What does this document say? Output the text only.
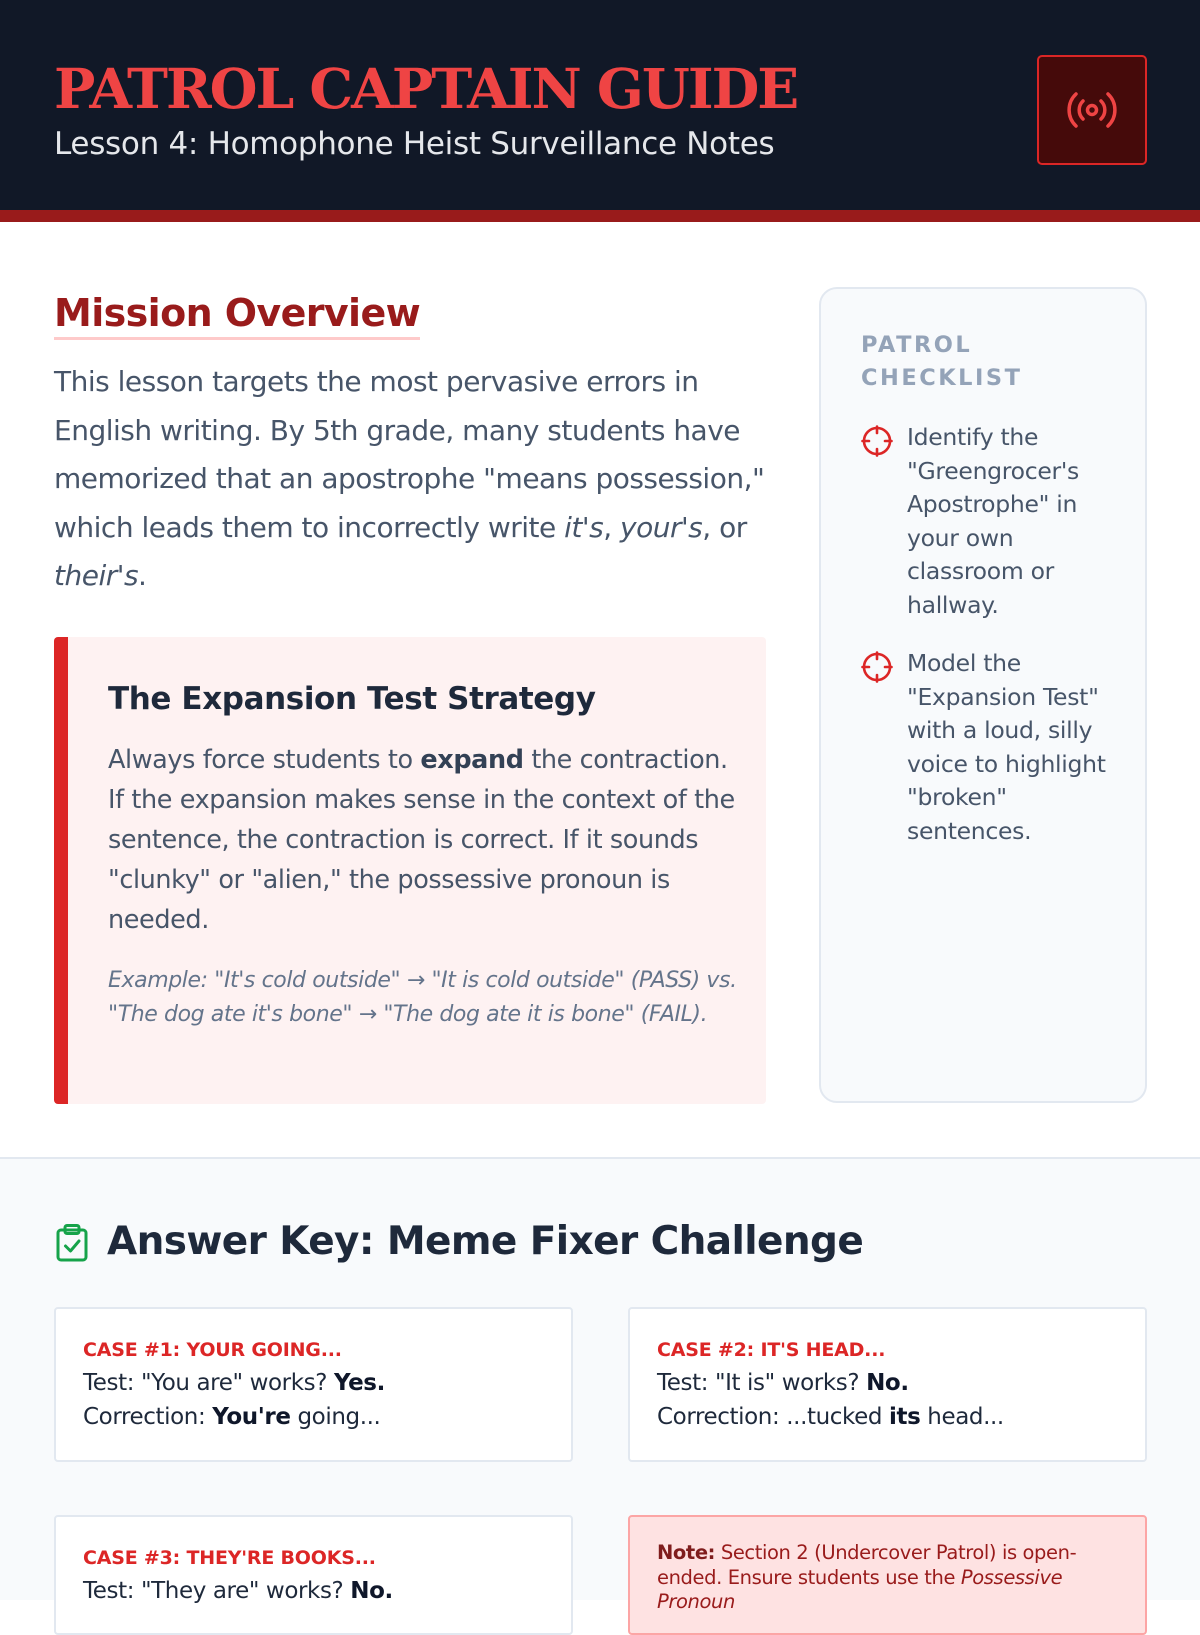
PATROL CAPTAIN GUIDE
Lesson 4: Homophone Heist Surveillance Notes
Mission Overview

This lesson targets the most pervasive errors in English writing. By 5th grade, many students have memorized that an apostrophe "means possession," which leads them to incorrectly write it's, your's, or their's.

The Expansion Test Strategy

Always force students to expand the contraction. If the expansion makes sense in the context of the sentence, the contraction is correct. If it sounds "clunky" or "alien," the possessive pronoun is needed.

Example: "It's cold outside" → "It is cold outside" (PASS) vs. "The dog ate it's bone" → "The dog ate it is bone" (FAIL).

PATROL CHECKLIST
Identify the "Greengrocer's Apostrophe" in your own classroom or hallway.
Model the "Expansion Test" with a loud, silly voice to highlight "broken" sentences.
Answer Key: Meme Fixer Challenge
CASE #1: YOUR GOING...
Test: "You are" works? Yes.
Correction: You're going...
CASE #2: IT'S HEAD...
Test: "It is" works? No.
Correction: ...tucked its head...
CASE #3: THEY'RE BOOKS...
Test: "They are" works? No.

Note: Section 2 (Undercover Patrol) is open-ended. Ensure students use the Possessive Pronoun
